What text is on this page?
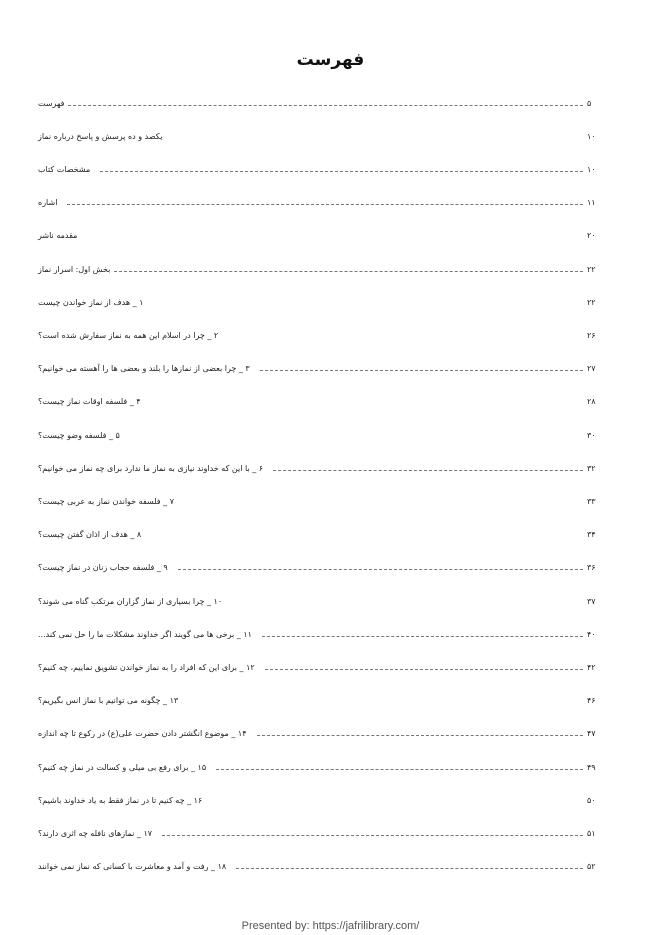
فهرست
فهرست	۵
یکصد و ده پرسش و پاسخ درباره نماز	۱۰
مشخصات کتاب	۱۰
اشاره	۱۱
مقدمه ناشر	۲۰
بخش اول: اسرار نماز	۲۲
۱ _ هدف از نماز خواندن چیست	۲۲
۲ _ چرا در اسلام این همه به نماز سفارش شده است؟	۲۶
۳ _ چرا بعضی از نمازها را بلند و بعضی ها را آهسته می خوانیم؟	۲۷
۴ _ فلسفه اوقات نماز چیست؟	۲۸
۵ _ فلسفه وضو چیست؟	۳۰
۶ _ با این که خداوند نیازی به نماز ما ندارد برای چه نماز می خوانیم؟	۳۲
۷ _ فلسفه خواندن نماز به عربی چیست؟	۳۳
۸ _ هدف از اذان گفتن چیست؟	۳۴
۹ _ فلسفه حجاب زنان در نماز چیست؟	۳۶
۱۰ _ چرا بسیاری از نماز گزاران مرتکب گناه می شوند؟	۳۷
۱۱ _ برخی ها می گویند اگر خداوند مشکلات ما را حل نمی کند...	۴۰
۱۲ _ برای این که افراد را به نماز خواندن تشویق نماییم، چه کنیم؟	۴۲
۱۳ _ چگونه می توانیم با نماز انس بگیریم؟	۴۶
۱۴ _ موضوع انگشتر دادن حضرت علی(ع) در رکوع تا چه اندازه	۴۷
۱۵ _ برای رفع بی میلی و کسالت در نماز چه کنیم؟	۴۹
۱۶ _ چه کنیم تا در نماز فقط به یاد خداوند باشیم؟	۵۰
۱۷ _ نمازهای نافله چه اثری دارند؟	۵۱
۱۸ _ رفت و آمد و معاشرت با کسانی که نماز نمی خوانند	۵۲
Presented by: https://jafrilibrary.com/
